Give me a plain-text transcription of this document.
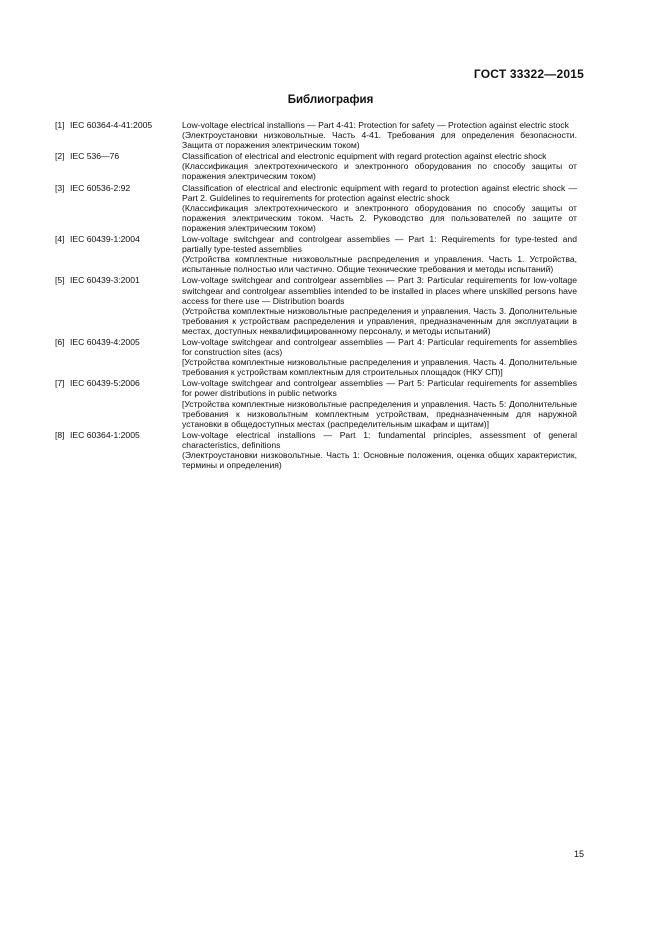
ГОСТ 33322—2015
Библиография
[1] IEC 60364-4-41:2005	Low-voltage electrical installions — Part 4-41: Protection for safety — Protection against electric stock

(Электроустановки низковольтные. Часть 4-41. Требования для определения безопасности. Защита от поражения электрическим током)

[2] IEC 536—76	Classification of electrical and electronic equipment with regard protection against electric shock

(Классификация электротехнического и электронного оборудования по способу защиты от поражения электрическим током)

[3] IEC 60536-2:92	Classification of electrical and electronic equipment with regard to protection against electric shock — Part 2. Guidelines to requirements for protection against electric shock

(Классификация электротехнического и электронного оборудования по способу защиты от поражения электрическим током. Часть 2. Руководство для пользователей по защите от поражения электрическим током)

[4] IEC 60439-1:2004	Low-voltage switchgear and controlgear assemblies — Part 1: Requirements for type-tested and partially type-tested assemblies

(Устройства комплектные низковольтные распределения и управления. Часть 1. Устройства, испытанные полностью или частично. Общие технические требования и методы испытаний)

[5] IEC 60439-3:2001	Low-voltage switchgear and controlgear assemblies — Part 3: Particular requirements for low-voltage switchgear and controlgear assemblies intended to be installed in places where unskilled persons have access for there use — Distribution boards

(Устройства комплектные низковольтные распределения и управления. Часть 3. Дополнительные требования к устройствам распределения и управления, предназначенным для эксплуатации в местах, доступных неквалифицированному персоналу, и методы испытаний)

[6] IEC 60439-4:2005	Low-voltage switchgear and controlgear assemblies — Part 4: Particular requirements for assemblies for construction sites (acs)

[Устройства комплектные низковольтные распределения и управления. Часть 4. Дополнительные требования к устройствам комплектным для строительных площадок (НКУ СП)]

[7] IEC 60439-5:2006	Low-voltage switchgear and controlgear assemblies — Part 5: Particular requirements for assemblies for power distributions in public networks

[Устройства комплектные низковольтные распределения и управления. Часть 5: Дополнительные требования к низковольтным комплектным устройствам, предназначенным для наружной установки в общедоступных местах (распределительным шкафам и щитам)]

[8] IEC 60364-1:2005	Low-voltage electrical installions — Part 1: fundamental principles, assessment of general characteristics, definitions

(Электроустановки низковольтные. Часть 1: Основные положения, оценка общих характеристик, термины и определения)

15
